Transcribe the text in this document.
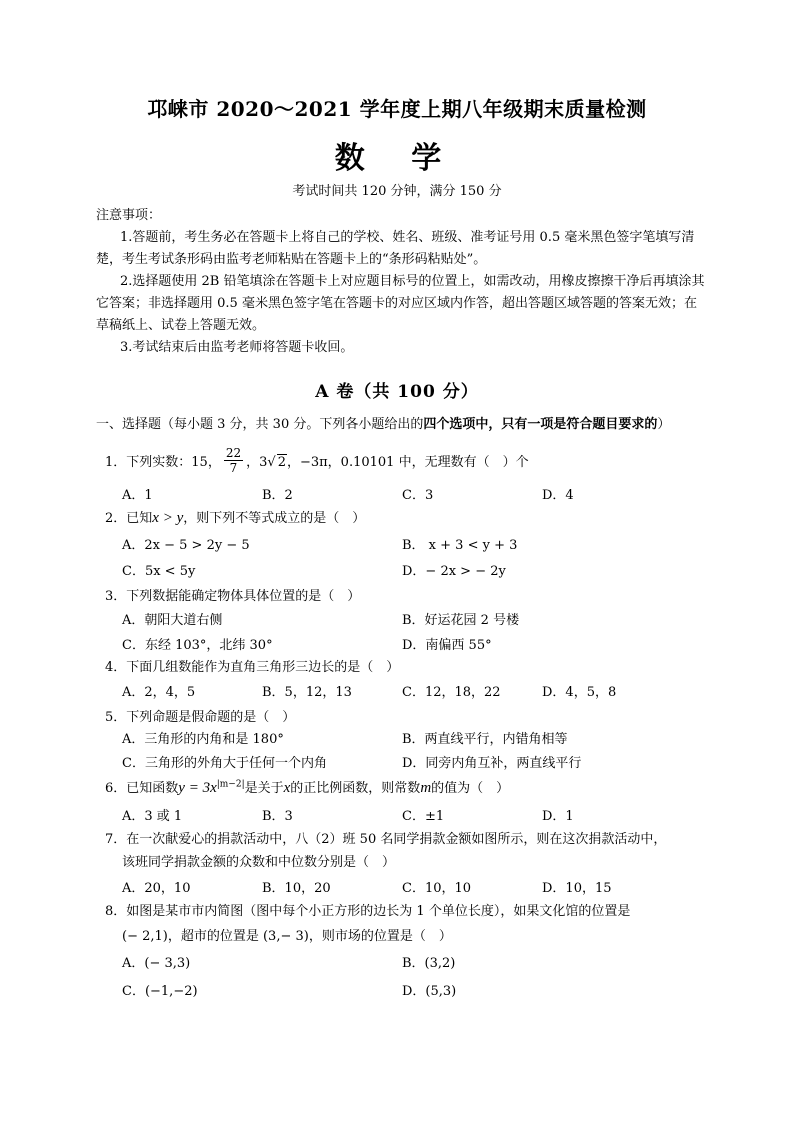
邛崃市 2020～2021 学年度上期八年级期末质量检测
数 学
考试时间共 120 分钟，满分 150 分
注意事项：

1.答题前，考生务必在答题卡上将自己的学校、姓名、班级、准考证号用 0.5 毫米黑色签字笔填写清楚，考生考试条形码由监考老师粘贴在答题卡上的“条形码粘贴处”。

2.选择题使用 2B 铅笔填涂在答题卡上对应题目标号的位置上，如需改动，用橡皮擦擦干净后再填涂其它答案；非选择题用 0.5 毫米黑色签字笔在答题卡的对应区域内作答，超出答题区域答题的答案无效；在草稿纸上、试卷上答题无效。

3.考试结束后由监考老师将答题卡收回。

A 卷（共 100 分）
一、选择题（每小题 3 分，共 30 分。下列各小题给出的四个选项中，只有一项是符合题目要求的）
1．下列实数：15， $\frac{22}{7}$ ，3√ 2，−3π，0.10101 中，无理数有（　）个
A．1	B．2	C．3	D．4
2．已知x > y，则下列不等式成立的是（　）
A．2x − 5 > 2y − 5	B． x + 3 < y + 3
C．5x < 5y	D．− 2x > − 2y
3．下列数据能确定物体具体位置的是（　）
A．朝阳大道右侧	B．好运花园 2 号楼
C．东经 103°，北纬 30°	D．南偏西 55°
4．下面几组数能作为直角三角形三边长的是（　）
A．2，4，5	B．5，12，13	C．12，18，22	D．4，5，8
5．下列命题是假命题的是（　）
A．三角形的内角和是 180°	B．两直线平行，内错角相等
C．三角形的外角大于任何一个内角	D．同旁内角互补，两直线平行
6．已知函数$y = 3x^{|m-2|}$是关于x的正比例函数，则常数m的值为（　）
A．3 或 1	B．3	C．±1	D．1
7．在一次献爱心的捐款活动中，八（2）班 50 名同学捐款金额如图所示，则在这次捐款活动中，
该班同学捐款金额的众数和中位数分别是（　）
A．20，10	B．10，20	C．10，10	D．10，15
8．如图是某市市内简图（图中每个小正方形的边长为 1 个单位长度），如果文化馆的位置是
(− 2,1)，超市的位置是 (3,− 3)，则市场的位置是（　）
A．(− 3,3)	B．(3,2)
C．(−1,−2)	D．(5,3)
